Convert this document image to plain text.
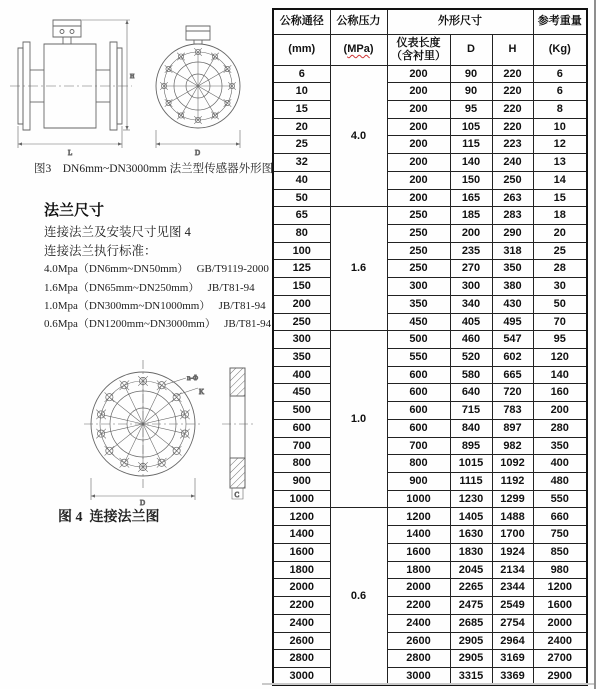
H
L	D
图3    DN6mm~DN3000mm 法兰型传感器外形图
法兰尺寸
连接法兰及安装尺寸见图 4
连接法兰执行标准：
4.0Mpa（DN6mm~DN50mm）   GB/T9119-2000
1.6Mpa（DN65mm~DN250mm）   JB/T81-94
1.0Mpa（DN300mm~DN1000mm）   JB/T81-94
0.6Mpa（DN1200mm~DN3000mm）   JB/T81-94
n-Φ
K
D
C
图 4  连接法兰图
公称通径	公称压力	外形尺寸			参考重量
(mm)	(MPa)	仪表长度
（含衬里）	D	H	(Kg)
6	4.0	200	90	220	6
10		200	90	220	6
15		200	95	220	8
20		200	105	220	10
25		200	115	223	12
32		200	140	240	13
40		200	150	250	14
50		200	165	263	15
65	1.6	250	185	283	18
80		250	200	290	20
100		250	235	318	25
125		250	270	350	28
150		300	300	380	30
200		350	340	430	50
250		450	405	495	70
300	1.0	500	460	547	95
350		550	520	602	120
400		600	580	665	140
450		600	640	720	160
500		600	715	783	200
600		600	840	897	280
700		700	895	982	350
800		800	1015	1092	400
900		900	1115	1192	480
1000		1000	1230	1299	550
1200	0.6	1200	1405	1488	660
1400		1400	1630	1700	750
1600		1600	1830	1924	850
1800		1800	2045	2134	980
2000		2000	2265	2344	1200
2200		2200	2475	2549	1600
2400		2400	2685	2754	2000
2600		2600	2905	2964	2400
2800		2800	2905	3169	2700
3000		3000	3315	3369	2900
